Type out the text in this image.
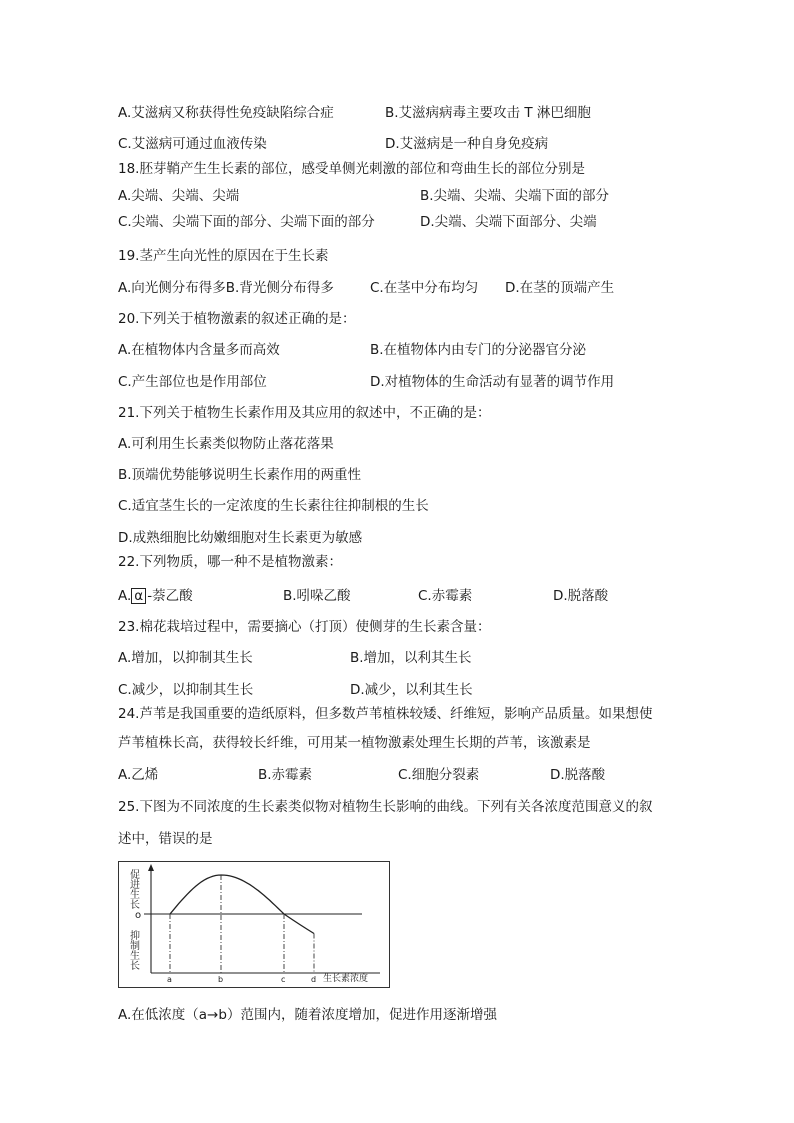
A.艾滋病又称获得性免疫缺陷综合症	B.艾滋病病毒主要攻击 T 淋巴细胞
C.艾滋病可通过血液传染	D.艾滋病是一种自身免疫病
18.胚芽鞘产生生长素的部位，感受单侧光刺激的部位和弯曲生长的部位分别是
A.尖端、尖端、尖端	B.尖端、尖端、尖端下面的部分
C.尖端、尖端下面的部分、尖端下面的部分	D.尖端、尖端下面部分、尖端
19.茎产生向光性的原因在于生长素
A.向光侧分布得多B.背光侧分布得多	C.在茎中分布均匀 D.在茎的顶端产生
20.下列关于植物激素的叙述正确的是：
A.在植物体内含量多而高效	B.在植物体内由专门的分泌器官分泌
C.产生部位也是作用部位	D.对植物体的生命活动有显著的调节作用
21.下列关于植物生长素作用及其应用的叙述中，不正确的是：
A.可利用生长素类似物防止落花落果
B.顶端优势能够说明生长素作用的两重性
C.适宜茎生长的一定浓度的生长素往往抑制根的生长
D.成熟细胞比幼嫩细胞对生长素更为敏感
22.下列物质，哪一种不是植物激素：
A. α -萘乙酸	B.吲哚乙酸	C.赤霉素	D.脱落酸
23.棉花栽培过程中，需要摘心（打顶）使侧芽的生长素含量：
A.增加，以抑制其生长	B.增加，以利其生长
C.减少，以抑制其生长	D.减少，以利其生长
24.芦苇是我国重要的造纸原料，但多数芦苇植株较矮、纤维短，影响产品质量。如果想使
芦苇植株长高，获得较长纤维，可用某一植物激素处理生长期的芦苇，该激素是
A.乙烯	B.赤霉素	C.细胞分裂素	D.脱落酸
25.下图为不同浓度的生长素类似物对植物生长影响的曲线。下列有关各浓度范围意义的叙
述中，错误的是
促
进
生
长
抑
制
生
长
o
生长素浓度
a	b	c	d
A.在低浓度（a→b）范围内，随着浓度增加，促进作用逐渐增强
